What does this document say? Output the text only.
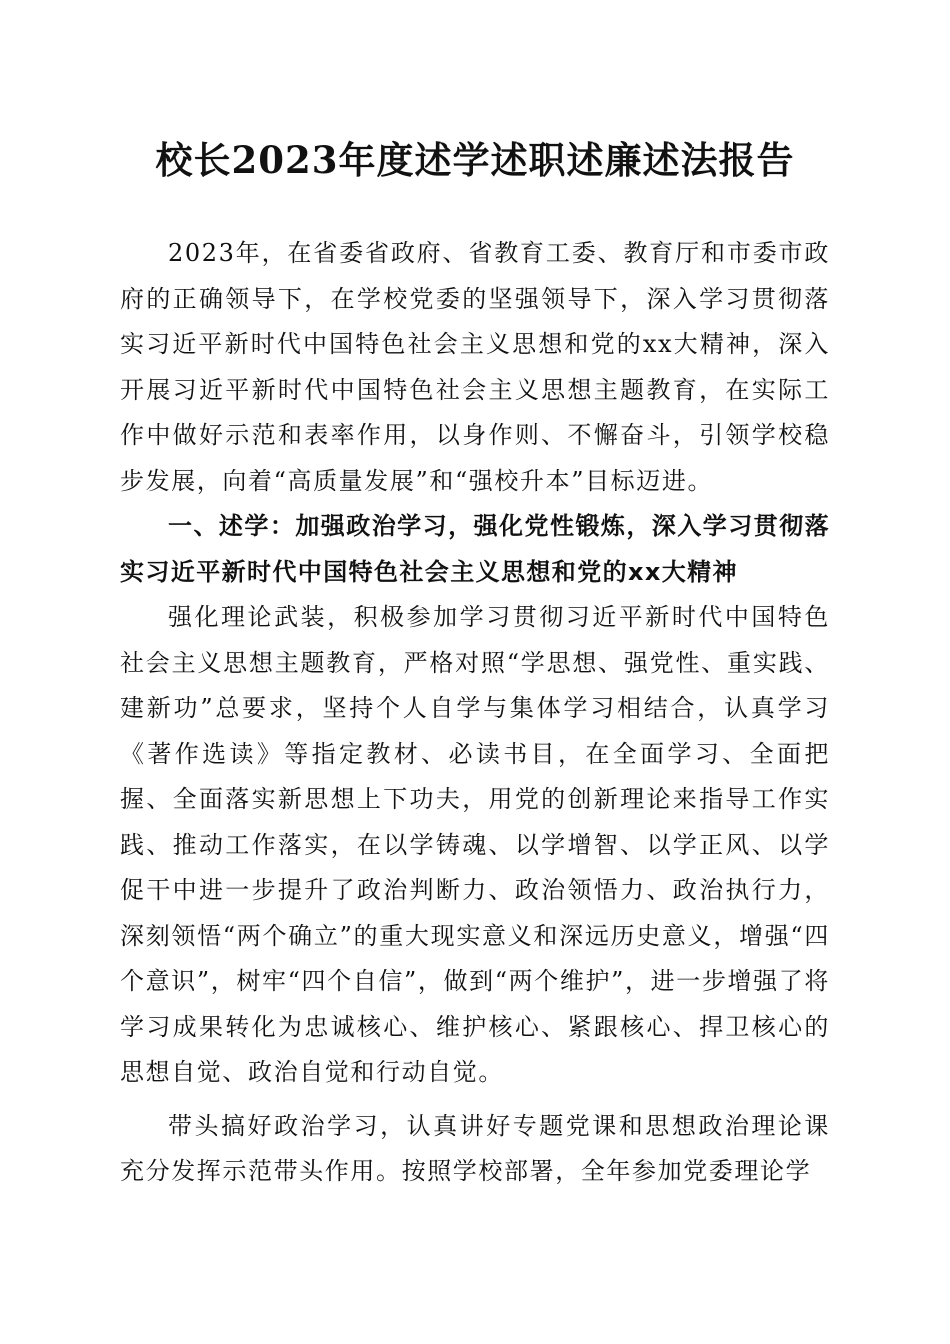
校长2023年度述学述职述廉述法报告

2023年，在省委省政府、省教育工委、教育厅和市委市政府的正确领导下，在学校党委的坚强领导下，深入学习贯彻落实习近平新时代中国特色社会主义思想和党的xx大精神，深入开展习近平新时代中国特色社会主义思想主题教育，在实际工作中做好示范和表率作用，以身作则、不懈奋斗，引领学校稳步发展，向着“高质量发展”和“强校升本”目标迈进。

一、述学：加强政治学习，强化党性锻炼，深入学习贯彻落实习近平新时代中国特色社会主义思想和党的xx大精神

强化理论武装，积极参加学习贯彻习近平新时代中国特色社会主义思想主题教育，严格对照“学思想、强党性、重实践、建新功”总要求，坚持个人自学与集体学习相结合，认真学习《著作选读》等指定教材、必读书目，在全面学习、全面把握、全面落实新思想上下功夫，用党的创新理论来指导工作实践、推动工作落实，在以学铸魂、以学增智、以学正风、以学促干中进一步提升了政治判断力、政治领悟力、政治执行力，深刻领悟“两个确立”的重大现实意义和深远历史意义，增强“四个意识”，树牢“四个自信”，做到“两个维护”，进一步增强了将学习成果转化为忠诚核心、维护核心、紧跟核心、捍卫核心的思想自觉、政治自觉和行动自觉。

带头搞好政治学习，认真讲好专题党课和思想政治理论课充分发挥示范带头作用。按照学校部署，全年参加党委理论学
